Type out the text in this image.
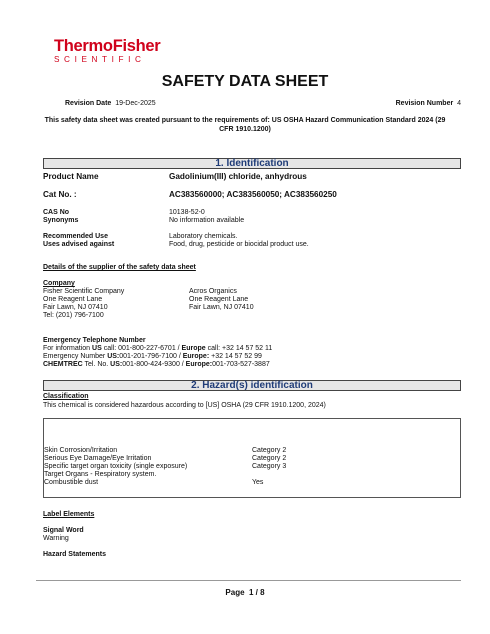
ThermoFisher
SCIENTIFIC
SAFETY DATA SHEET
Revision Date 19-Dec-2025	Revision Number 4
This safety data sheet was created pursuant to the requirements of: US OSHA Hazard Communication Standard 2024 (29
CFR 1910.1200)
1. Identification
Product Name	Gadolinium(III) chloride, anhydrous
Cat No. :	AC383560000; AC383560050; AC383560250
CAS No	10138-52-0
Synonyms	No information available
Recommended Use	Laboratory chemicals.
Uses advised against	Food, drug, pesticide or biocidal product use.
Details of the supplier of the safety data sheet
Company
Fisher Scientific Company
One Reagent Lane
Fair Lawn, NJ 07410
Tel: (201) 796-7100
Acros Organics
One Reagent Lane
Fair Lawn, NJ 07410
Emergency Telephone Number
For information US call: 001-800-227-6701 / Europe call: +32 14 57 52 11
Emergency Number US:001-201-796-7100 / Europe: +32 14 57 52 99
CHEMTREC Tel. No. US:001-800-424-9300 / Europe:001-703-527-3887
2. Hazard(s) identification
Classification
This chemical is considered hazardous according to [US] OSHA (29 CFR 1910.1200, 2024)
Skin Corrosion/Irritation	Category 2
Serious Eye Damage/Eye Irritation	Category 2
Specific target organ toxicity (single exposure)	Category 3
Target Organs - Respiratory system.
Combustible dust	Yes
Label Elements
Signal Word
Warning
Hazard Statements
Page 1 / 8
